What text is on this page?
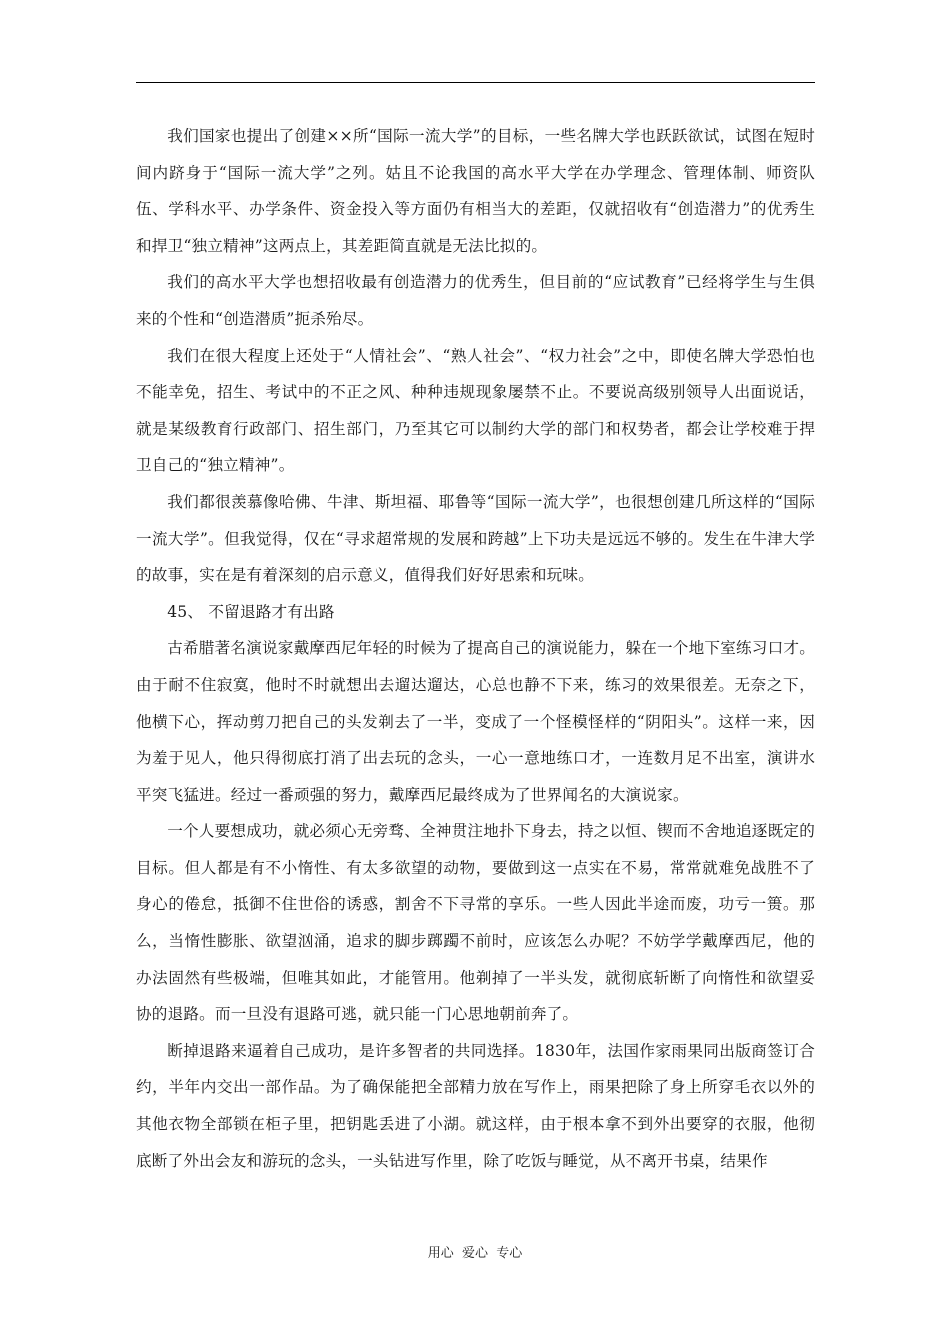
我们国家也提出了创建××所“国际一流大学”的目标，一些名牌大学也跃跃欲试，试图在短时间内跻身于“国际一流大学”之列。姑且不论我国的高水平大学在办学理念、管理体制、师资队伍、学科水平、办学条件、资金投入等方面仍有相当大的差距，仅就招收有“创造潜力”的优秀生和捍卫“独立精神”这两点上，其差距简直就是无法比拟的。

我们的高水平大学也想招收最有创造潜力的优秀生，但目前的“应试教育”已经将学生与生俱来的个性和“创造潜质”扼杀殆尽。

我们在很大程度上还处于“人情社会”、“熟人社会”、“权力社会”之中，即使名牌大学恐怕也不能幸免，招生、考试中的不正之风、种种违规现象屡禁不止。不要说高级别领导人出面说话，就是某级教育行政部门、招生部门，乃至其它可以制约大学的部门和权势者，都会让学校难于捍卫自己的“独立精神”。

我们都很羡慕像哈佛、牛津、斯坦福、耶鲁等“国际一流大学”，也很想创建几所这样的“国际一流大学”。但我觉得，仅在“寻求超常规的发展和跨越”上下功夫是远远不够的。发生在牛津大学的故事，实在是有着深刻的启示意义，值得我们好好思索和玩味。

45、 不留退路才有出路

古希腊著名演说家戴摩西尼年轻的时候为了提高自己的演说能力，躲在一个地下室练习口才。由于耐不住寂寞，他时不时就想出去遛达遛达，心总也静不下来，练习的效果很差。无奈之下，他横下心，挥动剪刀把自己的头发剃去了一半，变成了一个怪模怪样的“阴阳头”。这样一来，因为羞于见人，他只得彻底打消了出去玩的念头，一心一意地练口才，一连数月足不出室，演讲水平突飞猛进。经过一番顽强的努力，戴摩西尼最终成为了世界闻名的大演说家。

一个人要想成功，就必须心无旁骛、全神贯注地扑下身去，持之以恒、锲而不舍地追逐既定的目标。但人都是有不小惰性、有太多欲望的动物，要做到这一点实在不易，常常就难免战胜不了身心的倦怠，抵御不住世俗的诱惑，割舍不下寻常的享乐。一些人因此半途而废，功亏一篑。那么，当惰性膨胀、欲望汹涌，追求的脚步踯躅不前时，应该怎么办呢？不妨学学戴摩西尼，他的办法固然有些极端，但唯其如此，才能管用。他剃掉了一半头发，就彻底斩断了向惰性和欲望妥协的退路。而一旦没有退路可逃，就只能一门心思地朝前奔了。

断掉退路来逼着自己成功，是许多智者的共同选择。1830年，法国作家雨果同出版商签订合约，半年内交出一部作品。为了确保能把全部精力放在写作上，雨果把除了身上所穿毛衣以外的其他衣物全部锁在柜子里，把钥匙丢进了小湖。就这样，由于根本拿不到外出要穿的衣服，他彻底断了外出会友和游玩的念头，一头钻进写作里，除了吃饭与睡觉，从不离开书桌，结果作

用心  爱心  专心
